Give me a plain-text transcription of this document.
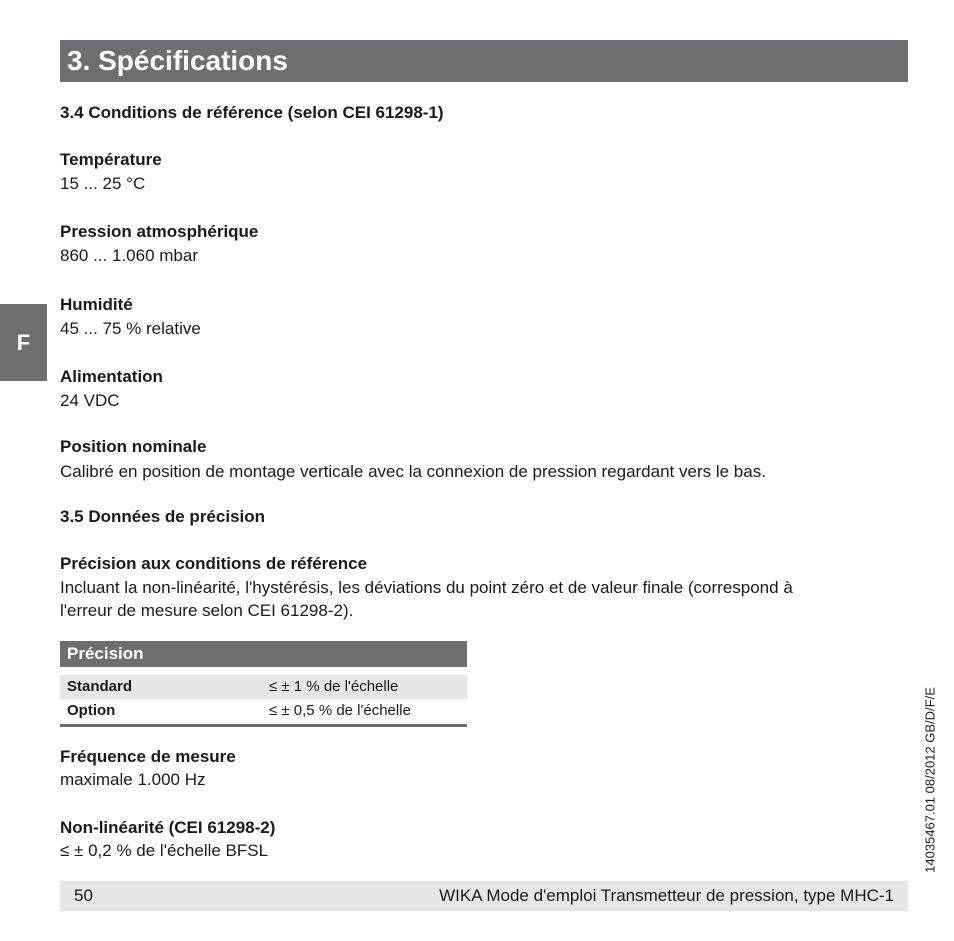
3. Spécifications
F
3.4 Conditions de référence (selon CEI 61298-1)
Température
15 ... 25 °C
Pression atmosphérique
860 ... 1.060 mbar
Humidité
45 ... 75 % relative
Alimentation
24 VDC
Position nominale
Calibré en position de montage verticale avec la connexion de pression regardant vers le bas.
3.5 Données de précision
Précision aux conditions de référence
Incluant la non-linéarité, l'hystérésis, les déviations du point zéro et de valeur finale (correspond à
l'erreur de mesure selon CEI 61298-2).
Précision
Standard	≤ ± 1 % de l'échelle
Option	≤ ± 0,5 % de l'échelle
Fréquence de mesure
maximale 1.000 Hz
Non-linéarité (CEI 61298-2)
≤ ± 0,2 % de l'échelle BFSL
50	WIKA Mode d'emploi Transmetteur de pression, type MHC-1
14035467.01 08/2012 GB/D/F/E
